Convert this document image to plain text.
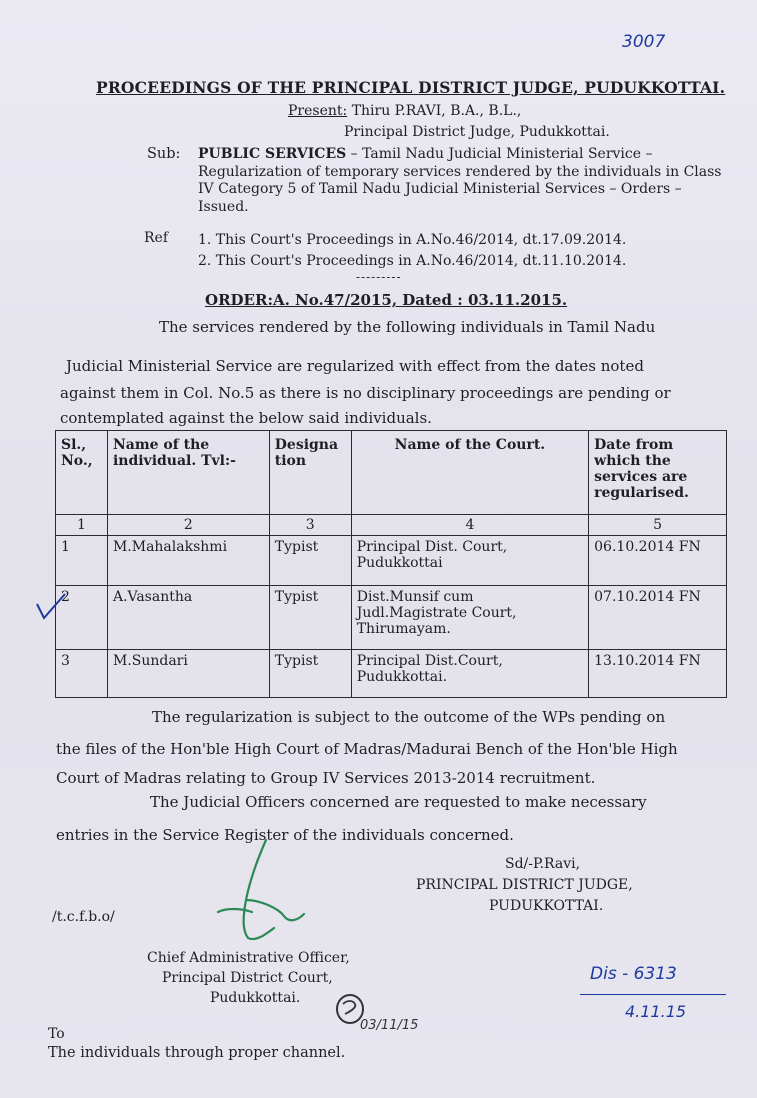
3007
PROCEEDINGS OF THE PRINCIPAL DISTRICT JUDGE, PUDUKKOTTAI.
Present: Thiru P.RAVI, B.A., B.L.,
Principal District Judge, Pudukkottai.
Sub: PUBLIC SERVICES – Tamil Nadu Judicial Ministerial Service – Regularization of temporary services rendered by the individuals in Class IV Category 5 of Tamil Nadu Judicial Ministerial Services – Orders – Issued.
Ref 1. This Court's Proceedings in A.No.46/2014, dt.17.09.2014.
2. This Court's Proceedings in A.No.46/2014, dt.11.10.2014.
---------
ORDER:A. No.47/2015, Dated : 03.11.2015.
The services rendered by the following individuals in Tamil Nadu
Judicial Ministerial Service are regularized with effect from the dates noted
against them in Col. No.5 as there is no disciplinary proceedings are pending or
contemplated against the below said individuals.
Sl., No.,	Name of the individual. Tvl:-	Designa tion	Name of the Court.	Date from which the services are regularised.
1	2	3	4	5
1	M.Mahalakshmi	Typist	Principal Dist. Court, Pudukkottai	06.10.2014 FN
2	A.Vasantha	Typist	Dist.Munsif cum Judl.Magistrate Court, Thirumayam.	07.10.2014 FN
3	M.Sundari	Typist	Principal Dist.Court, Pudukkottai.	13.10.2014 FN
The regularization is subject to the outcome of the WPs pending on
the files of the Hon'ble High Court of Madras/Madurai Bench of the Hon'ble High
Court of Madras relating to Group IV Services 2013-2014 recruitment.
The Judicial Officers concerned are requested to make necessary
entries in the Service Register of the individuals concerned.
Sd/-P.Ravi,
PRINCIPAL DISTRICT JUDGE,
PUDUKKOTTAI.
/t.c.f.b.o/
Chief Administrative Officer,
Principal District Court,
Pudukkottai.
03/11/15
Dis - 6313
4.11.15
To
The individuals through proper channel.
